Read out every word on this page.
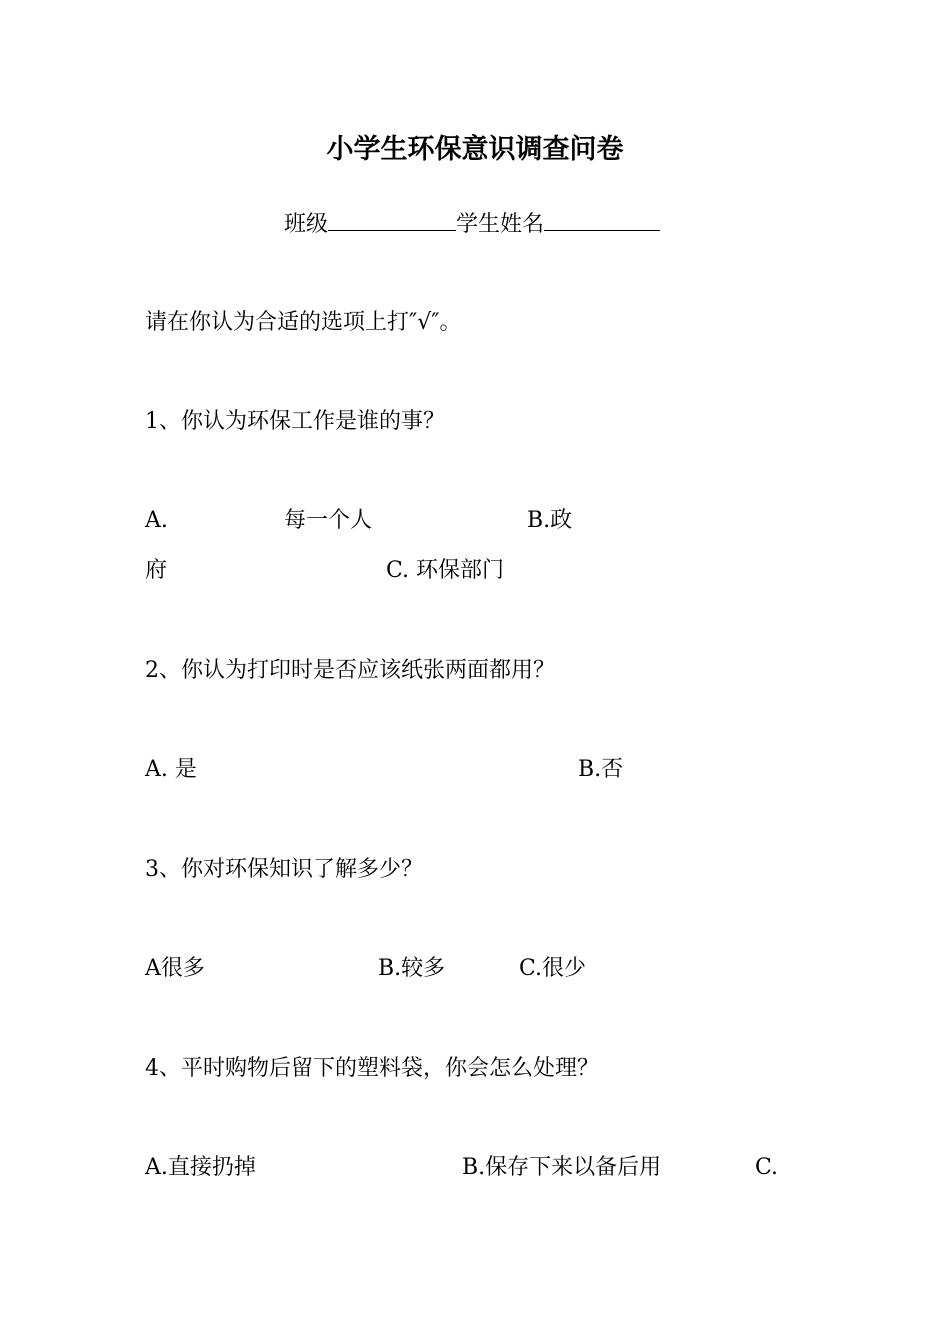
小学生环保意识调查问卷
班级	学生姓名
请在你认为合适的选项上打″√″。
1、你认为环保工作是谁的事？
A.	每一个人	B.政
府	C. 环保部门
2、你认为打印时是否应该纸张两面都用？
A. 是	B.否
3、你对环保知识了解多少？
A很多	B.较多	C.很少
4、平时购物后留下的塑料袋，你会怎么处理？
A.直接扔掉	B.保存下来以备后用	C.
